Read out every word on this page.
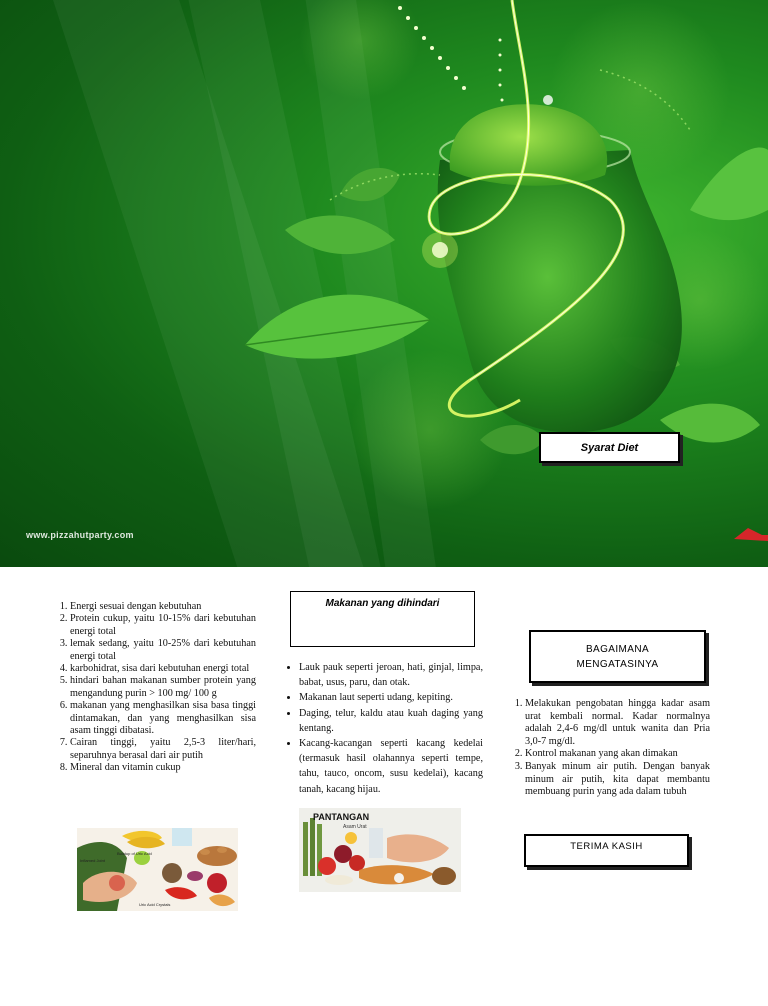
www.pizzahutparty.com
Syarat Diet
1. Energi sesuai dengan kebutuhan
2. Protein cukup, yaitu 10-15% dari kebutuhan energi total
3. lemak sedang, yaitu 10-25% dari kebutuhan energi total
4. karbohidrat, sisa dari kebutuhan energi total
5. hindari bahan makanan sumber protein yang mengandung purin > 100 mg/ 100 g
6. makanan yang menghasilkan sisa basa tinggi dintamakan, dan yang menghasilkan sisa asam tinggi dibatasi.
7. Cairan tinggi, yaitu 2,5-3 liter/hari, separuhnya berasal dari air putih
8. Mineral dan vitamin cukup
Inflamed Joint
Buildup of Uric Acid
Uric Acid Crystals
Makanan yang dihindari
• Lauk pauk seperti jeroan, hati, ginjal, limpa, babat, usus, paru, dan otak.
• Makanan laut seperti udang, kepiting.
• Daging, telur, kaldu atau kuah daging yang kentang.
• Kacang-kacangan seperti kacang kedelai (termasuk hasil olahannya seperti tempe, tahu, tauco, oncom, susu kedelai), kacang tanah, kacang hijau.
PANTANGAN
Asam Urat
BAGAIMANA MENGATASINYA
1. Melakukan pengobatan hingga kadar asam urat kembali normal. Kadar normalnya adalah 2,4-6 mg/dl untuk wanita dan Pria 3,0-7 mg/dl.
2. Kontrol makanan yang akan dimakan
3. Banyak minum air putih. Dengan banyak minum air putih, kita dapat membantu membuang purin yang ada dalam tubuh
TERIMA KASIH
